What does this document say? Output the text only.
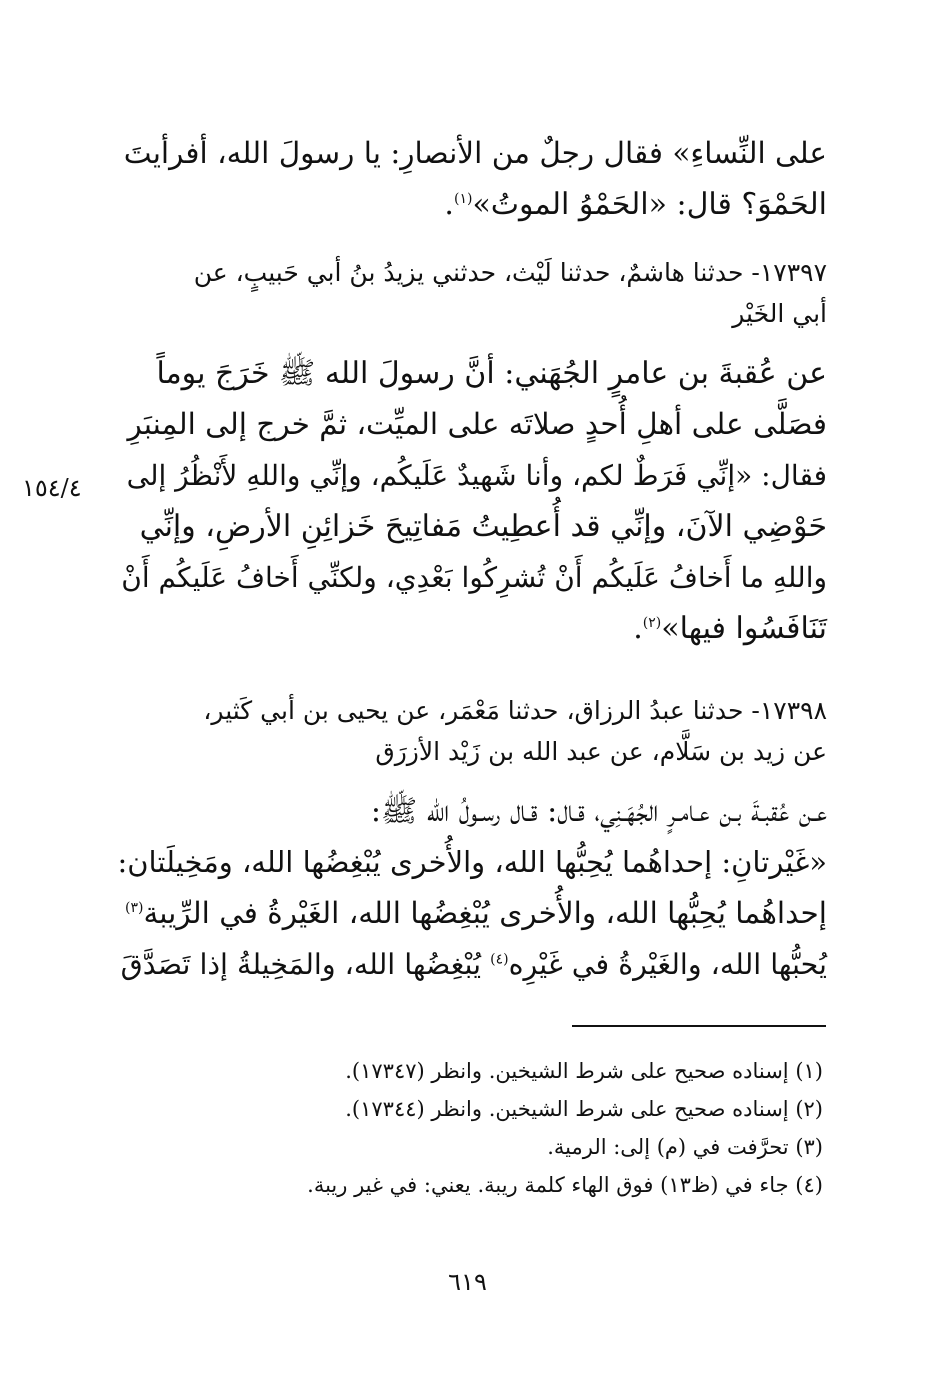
على النِّساءِ» فقال رجلٌ من الأنصارِ: يا رسولَ الله، أفرأيتَ
الحَمْوَ؟ قال: «الحَمْوُ الموتُ»$^{(١)}$.

١٧٣٩٧- حدثنا هاشمٌ، حدثنا لَيْث، حدثني يزيدُ بنُ أبي حَبيبٍ، عن
أبي الخَيْر

عن عُقبةَ بن عامرٍ الجُهَني: أنَّ رسولَ الله ﷺ خَرَجَ يوماً
فصَلَّى على أهلِ أُحدٍ صلاتَه على الميِّت، ثمَّ خرج إلى المِنبَرِ
فقال: «إنِّي فَرَطٌ لكم، وأنا شَهيدٌ عَلَيكُم، وإنِّي واللهِ لأَنْظُرُ إلى
حَوْضِي الآنَ، وإنِّي قد أُعطِيتُ مَفاتِيحَ خَزائِنِ الأرضِ، وإنِّي
واللهِ ما أَخافُ عَلَيكُم أَنْ تُشرِكُوا بَعْدِي، ولكنِّي أَخافُ عَلَيكُم أَنْ
تَنَافَسُوا فيها»$^{(٢)}$.

١٥٤/٤

١٧٣٩٨- حدثنا عبدُ الرزاق، حدثنا مَعْمَر، عن يحيى بن أبي كَثير،
عن زيد بن سَلَّام، عن عبد الله بن زَيْد الأزرَق

عـن عُقبـةَ بـن عـامـرٍ الجُهَـنِي، قـال: قـال رسـولُ الله ﷺ:
«غَيْرتانِ: إحداهُما يُحِبُّها الله، والأُخرى يُبْغِضُها الله، ومَخِيلَتان:
إحداهُما يُحِبُّها الله، والأُخرى يُبْغِضُها الله، الغَيْرةُ في الرِّيبة$^{(٣)}$
يُحبُّها الله، والغَيْرةُ في غَيْرِه$^{(٤)}$ يُبْغِضُها الله، والمَخِيلةُ إذا تَصَدَّقَ

(١) إسناده صحيح على شرط الشيخين. وانظر (١٧٣٤٧).
(٢) إسناده صحيح على شرط الشيخين. وانظر (١٧٣٤٤).
(٣) تحرَّفت في (م) إلى: الرمية.
(٤) جاء في (ظ١٣) فوق الهاء كلمة ريبة. يعني: في غير ريبة.
٦١٩
